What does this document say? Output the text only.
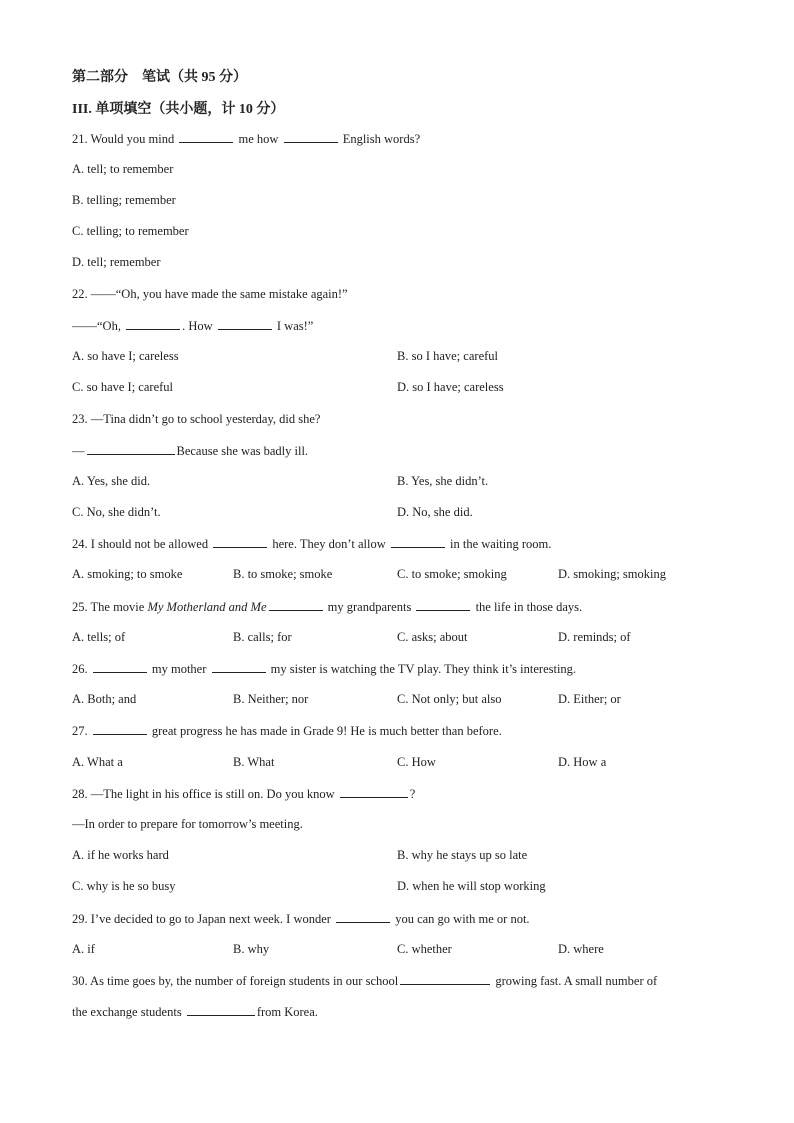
第二部分　笔试（共 95 分）
III. 单项填空（共小题，计 10 分）
21. Would you mind	me how	English words?
A. tell; to remember
B. telling; remember
C. telling; to remember
D. tell; remember
22. ——“Oh, you have made the same mistake again!”
——“Oh,	. How	I was!”
A. so have I; careless	B. so I have; careful
C. so have I; careful	D. so I have; careless
23. —Tina didn’t go to school yesterday, did she?
—	Because she was badly ill.
A. Yes, she did.	B. Yes, she didn’t.
C. No, she didn’t.	D. No, she did.
24. I should not be allowed	here. They don’t allow	in the waiting room.
A. smoking; to smoke	B. to smoke; smoke	C. to smoke; smoking	D. smoking; smoking
25. The movie My Motherland and Me	my grandparents	the life in those days.
A. tells; of	B. calls; for	C. asks; about	D. reminds; of
26.	my mother	my sister is watching the TV play. They think it’s interesting.
A. Both; and	B. Neither; nor	C. Not only; but also	D. Either; or
27.	great progress he has made in Grade 9! He is much better than before.
A. What a	B. What	C. How	D. How a
28. —The light in his office is still on. Do you know	?
—In order to prepare for tomorrow’s meeting.
A. if he works hard	B. why he stays up so late
C. why is he so busy	D. when he will stop working
29. I’ve decided to go to Japan next week. I wonder	you can go with me or not.
A. if	B. why	C. whether	D. where
30. As time goes by, the number of foreign students in our school	growing fast. A small number of
the exchange students	from Korea.
